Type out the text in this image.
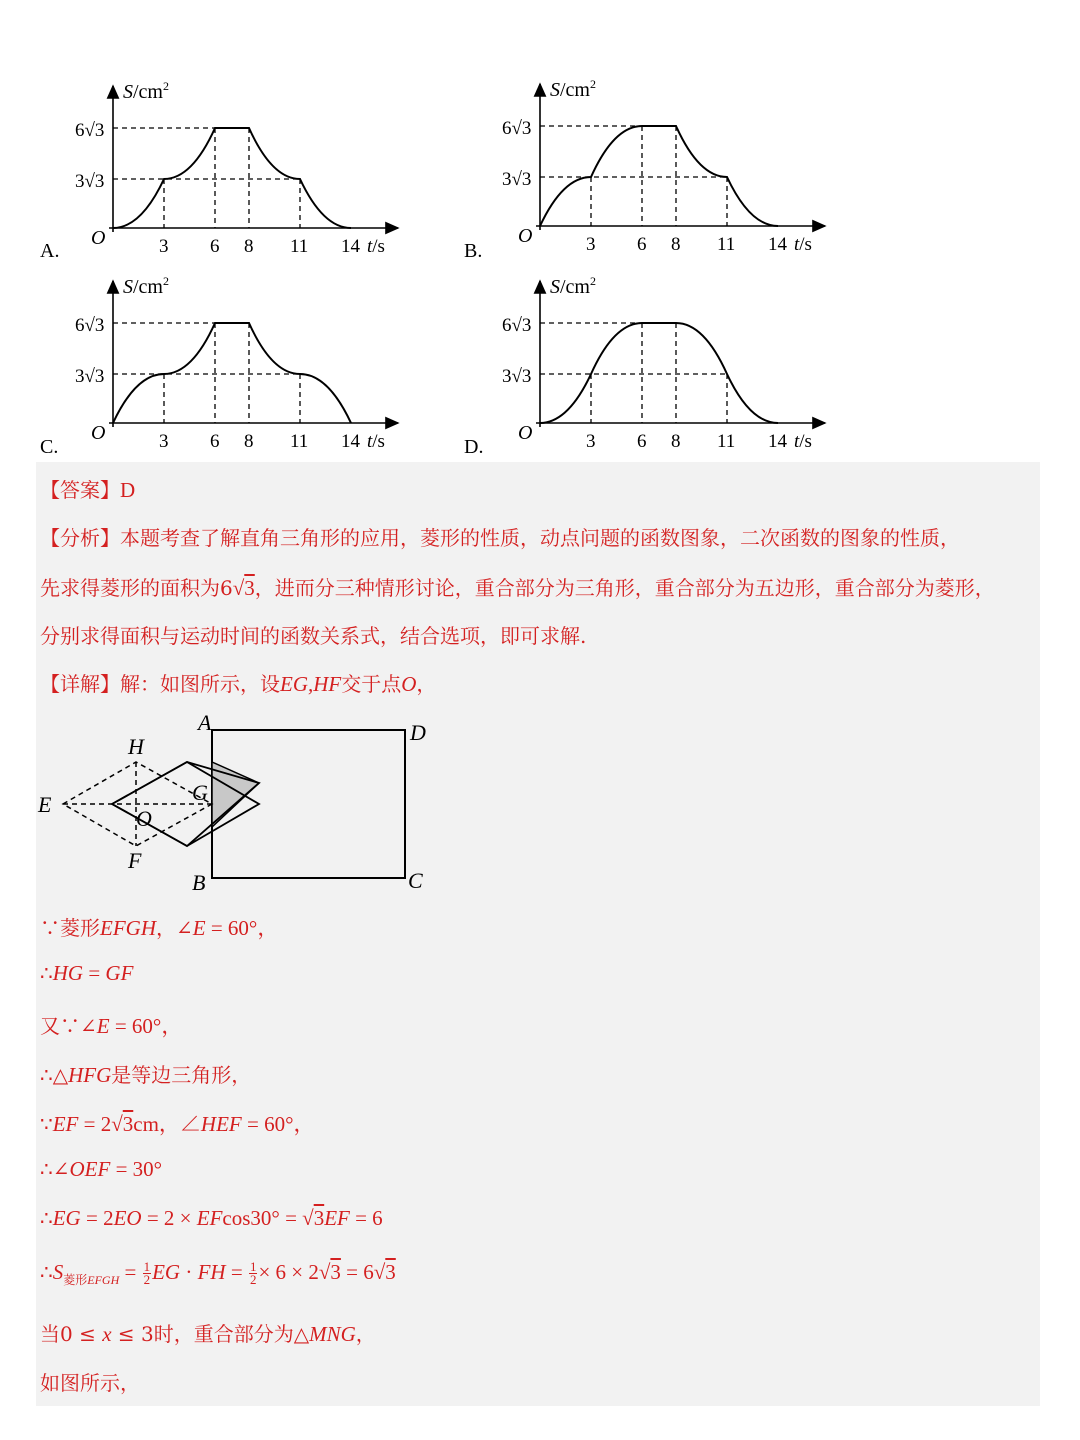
$S/cm^2$
O
6√3
3√3
3 6 8 11 14 t/s
$S/cm^2$
O
6√3
3√3
3 6 8 11 14 t/s
$S/cm^2$
O
6√3
3√3
3 6 8 11 14 t/s
$S/cm^2$
O
6√3
3√3
3 6 8 11 14 t/s
A.	B.
C.	D.
【答案】D
【分析】本题考查了解直角三角形的应用，菱形的性质，动点问题的函数图象，二次函数的图象的性质，
先求得菱形的面积为6√3，进而分三种情形讨论，重合部分为三角形，重合部分为五边形，重合部分为菱形，
分别求得面积与运动时间的函数关系式，结合选项，即可求解.
【详解】解：如图所示，设EG,HF交于点O，
A
B	C
D
E
F
G
H
O
∵菱形EFGH，∠E = 60°，
∴HG = GF
又∵∠E = 60°，
∴△HFG是等边三角形，
∵EF = 2√3cm，∠HEF = 60°，
∴∠OEF = 30°
∴EG = 2EO = 2 × EFcos30° = √3EF = 6
$\therefore S_{菱形EFGH} = \frac{1}{2}$ EG · FH = $\frac{1}{2} \times 6 \times 2√3 = 6√3$
当0 ≤ x ≤ 3时，重合部分为△MNG，
如图所示，
